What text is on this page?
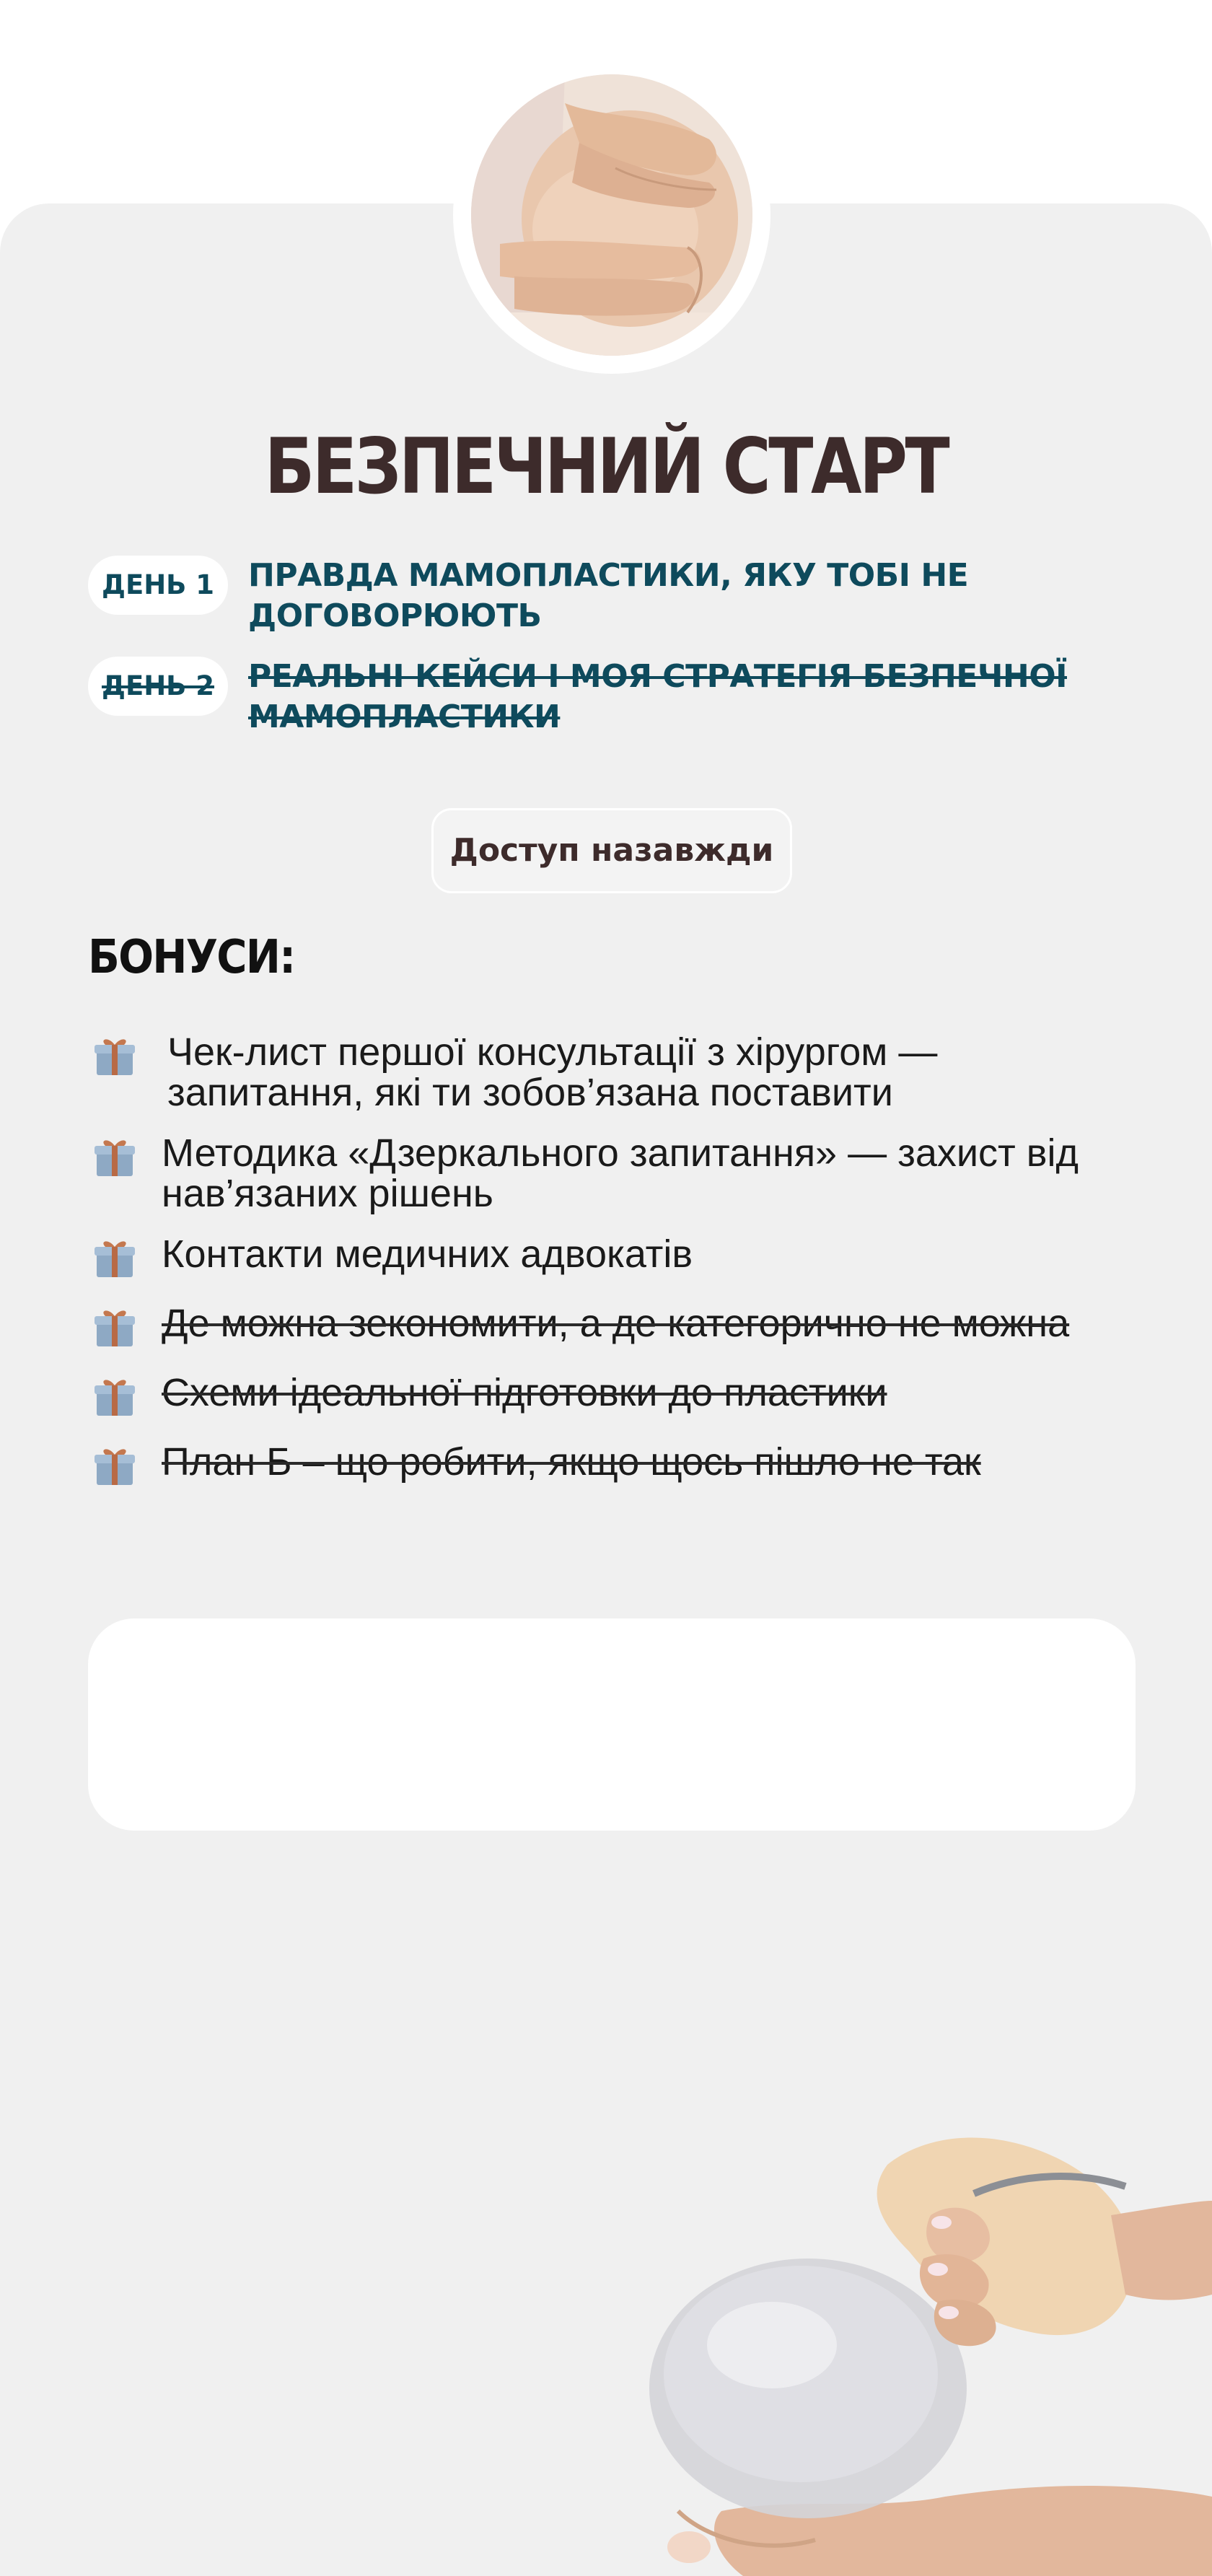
БЕЗПЕЧНИЙ СТАРТ
ДЕНЬ 1	ПРАВДА МАМОПЛАСТИКИ, ЯКУ ТОБІ НЕ
ДОГОВОРЮЮТЬ

ДЕНЬ 2	РЕАЛЬНІ КЕЙСИ І МОЯ СТРАТЕГІЯ БЕЗПЕЧНОЇ
МАМОПЛАСТИКИ

Доступ назавжди
БОНУСИ:

Чек-лист першої консультації з хірургом —
запитання, які ти зобов’язана поставити

Методика «Дзеркального запитання» — захист від
нав’язаних рішень

Контакти медичних адвокатів

Де можна зекономити, а де категорично не можна

Схеми ідеальної підготовки до пластики

План Б – що робити, якщо щось пішло не так
